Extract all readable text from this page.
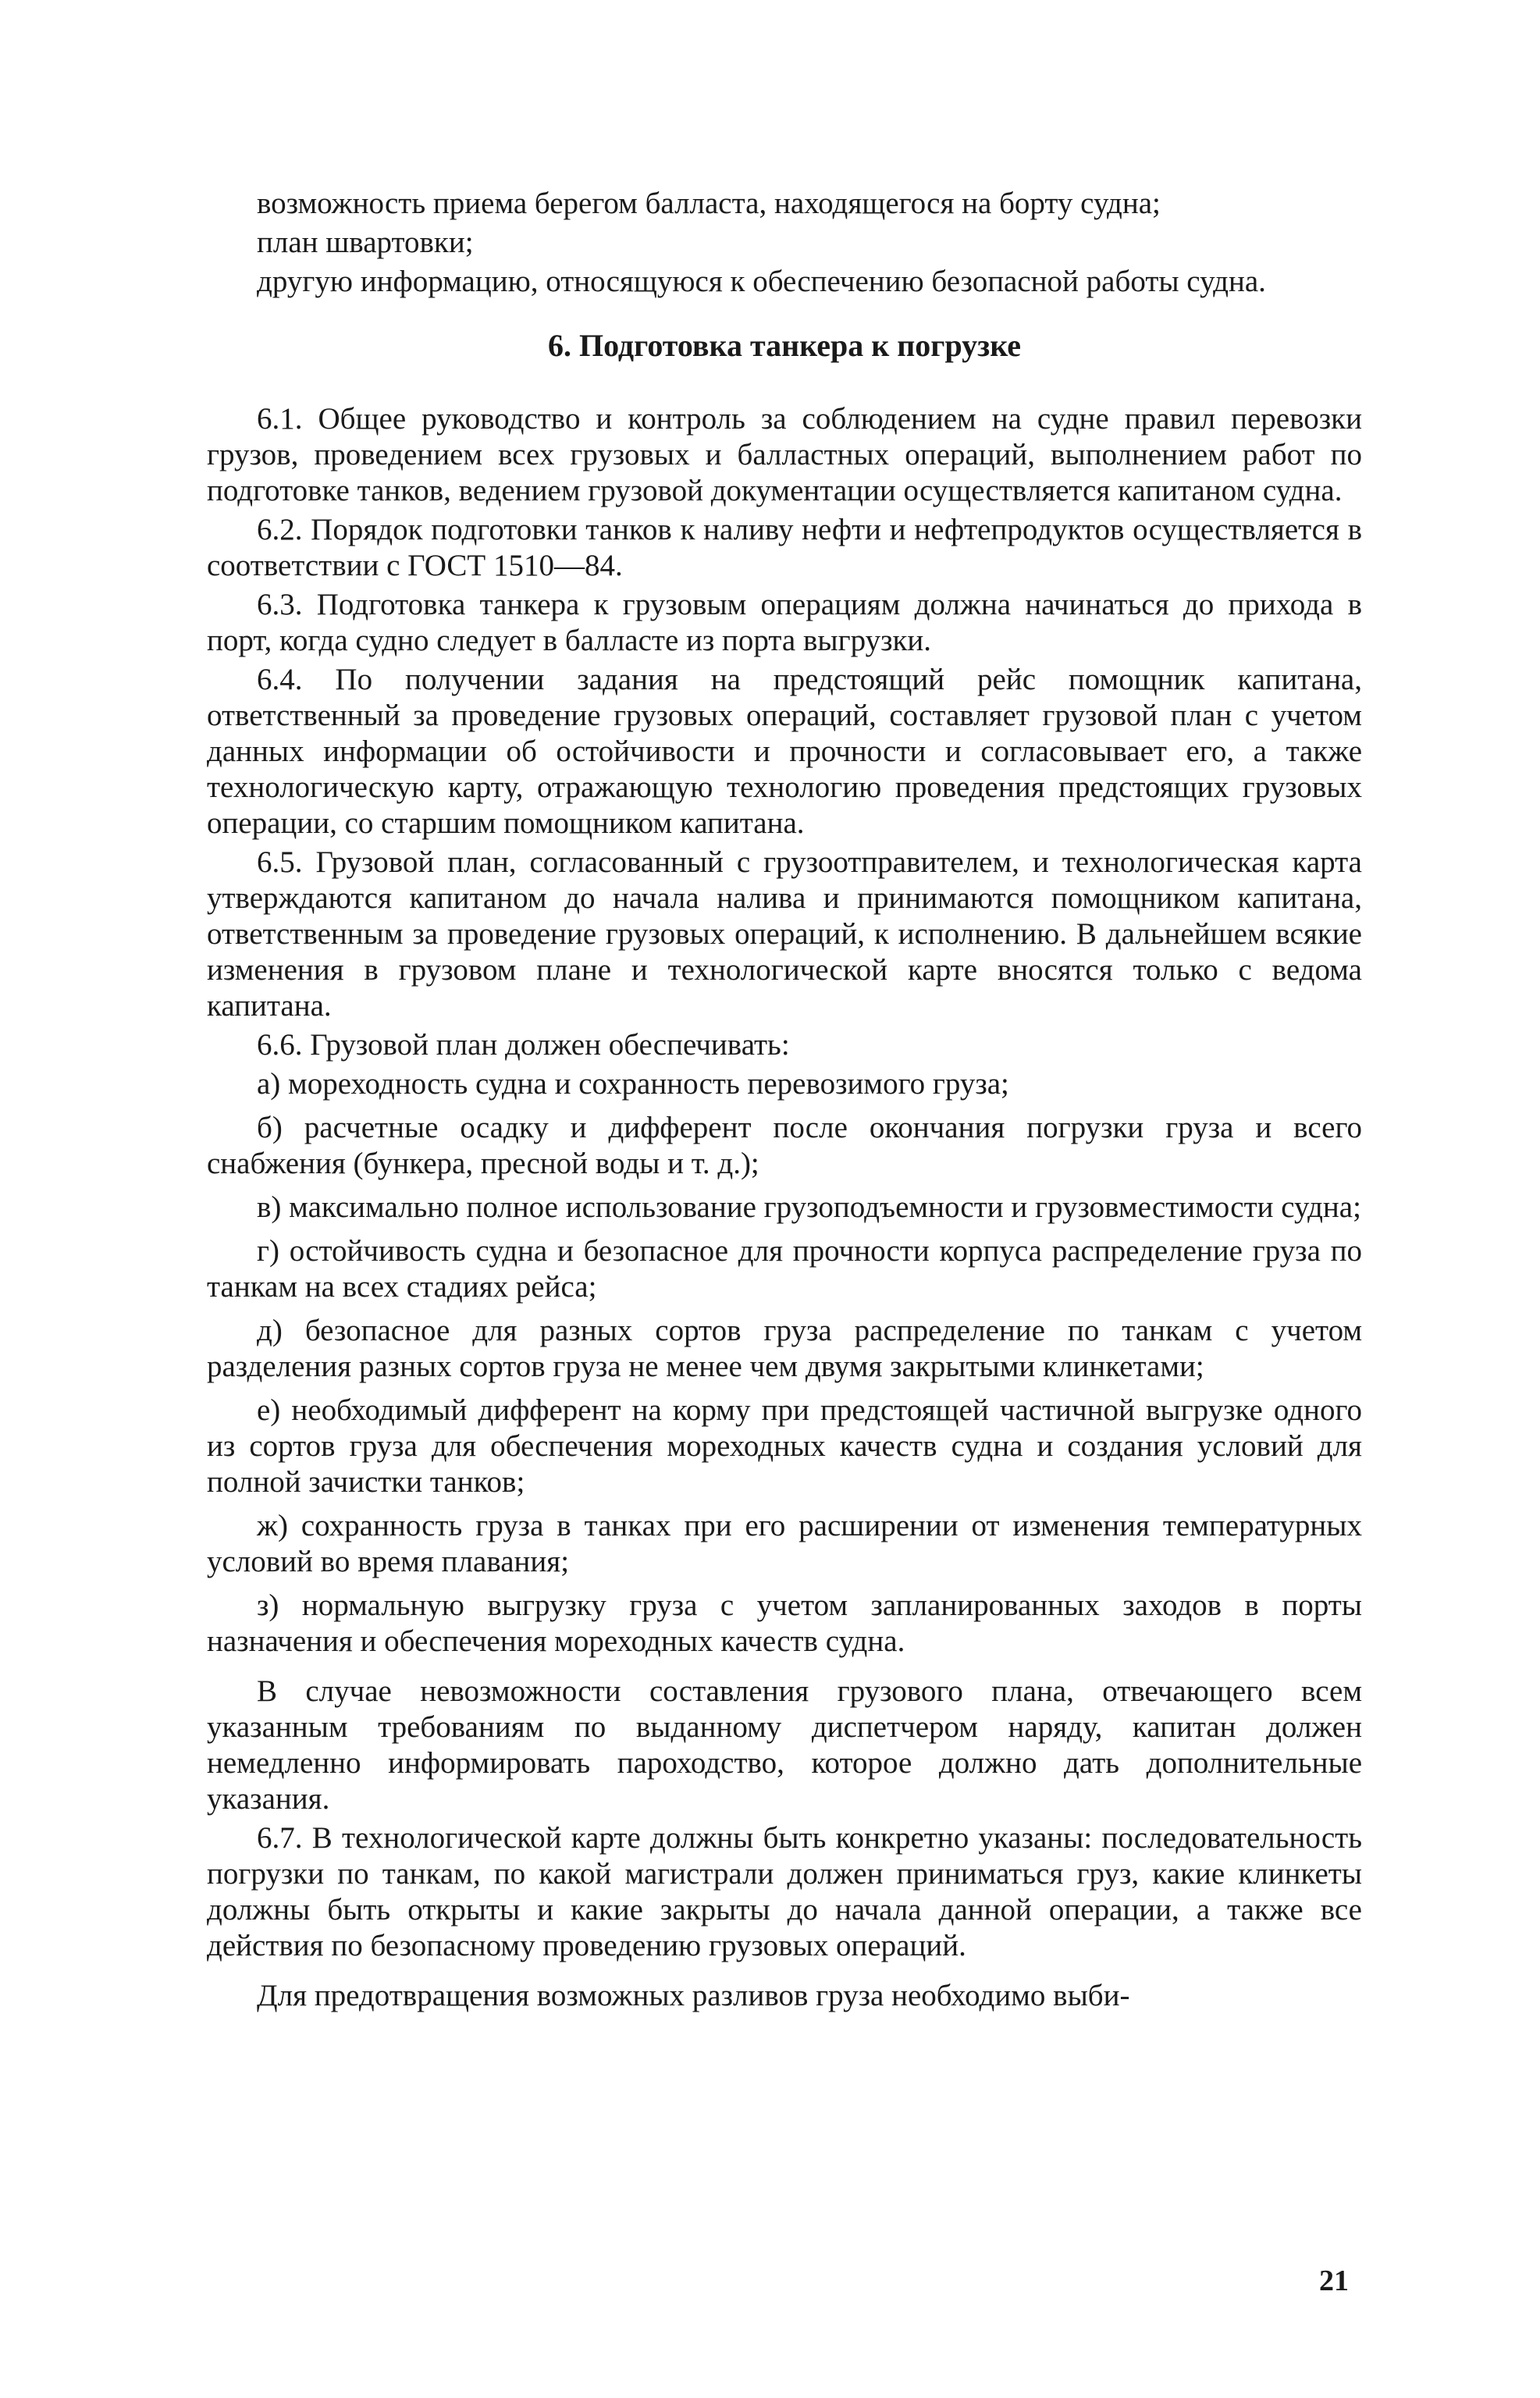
возможность приема берегом балласта, находящегося на борту судна;

план швартовки;

другую информацию, относящуюся к обеспечению безопасной работы судна.

6. Подготовка танкера к погрузке

6.1. Общее руководство и контроль за соблюдением на судне правил перевозки грузов, проведением всех грузовых и балластных операций, выполнением работ по подготовке танков, ведением грузовой документации осуществляется капитаном судна.

6.2. Порядок подготовки танков к наливу нефти и нефтепродуктов осуществляется в соответствии с ГОСТ 1510—84.

6.3. Подготовка танкера к грузовым операциям должна начинаться до прихода в порт, когда судно следует в балласте из порта выгрузки.

6.4. По получении задания на предстоящий рейс помощник капитана, ответственный за проведение грузовых операций, составляет грузовой план с учетом данных информации об остойчивости и прочности и согласовывает его, а также технологическую карту, отражающую технологию проведения предстоящих грузовых операции, со старшим помощником капитана.

6.5. Грузовой план, согласованный с грузоотправителем, и технологическая карта утверждаются капитаном до начала налива и принимаются помощником капитана, ответственным за проведение грузовых операций, к исполнению. В дальнейшем всякие изменения в грузовом плане и технологической карте вносятся только с ведома капитана.

6.6. Грузовой план должен обеспечивать:

а) мореходность судна и сохранность перевозимого груза;

б) расчетные осадку и дифферент после окончания погрузки груза и всего снабжения (бункера, пресной воды и т. д.);

в) максимально полное использование грузоподъемности и грузовместимости судна;

г) остойчивость судна и безопасное для прочности корпуса распределение груза по танкам на всех стадиях рейса;

д) безопасное для разных сортов груза распределение по танкам с учетом разделения разных сортов груза не менее чем двумя закрытыми клинкетами;

е) необходимый дифферент на корму при предстоящей частичной выгрузке одного из сортов груза для обеспечения мореходных качеств судна и создания условий для полной зачистки танков;

ж) сохранность груза в танках при его расширении от изменения температурных условий во время плавания;

з) нормальную выгрузку груза с учетом запланированных заходов в порты назначения и обеспечения мореходных качеств судна.

В случае невозможности составления грузового плана, отвечающего всем указанным требованиям по выданному диспетчером наряду, капитан должен немедленно информировать пароходство, которое должно дать дополнительные указания.

6.7. В технологической карте должны быть конкретно указаны: последовательность погрузки по танкам, по какой магистрали должен приниматься груз, какие клинкеты должны быть открыты и какие закрыты до начала данной операции, а также все действия по безопасному проведению грузовых операций.

Для предотвращения возможных разливов груза необходимо выби-

21
